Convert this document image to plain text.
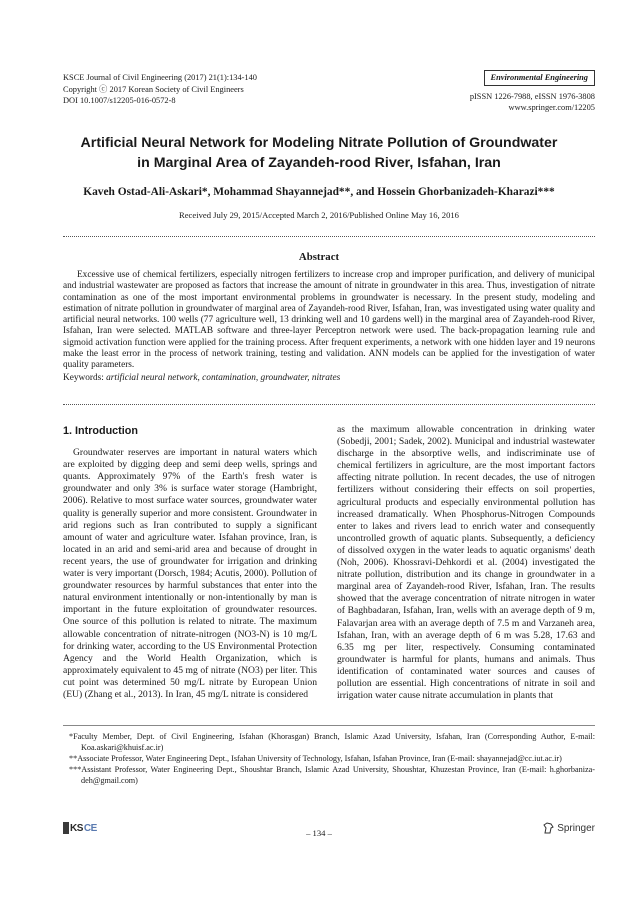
KSCE Journal of Civil Engineering (2017) 21(1):134-140
Copyright ⓒ 2017 Korean Society of Civil Engineers
DOI 10.1007/s12205-016-0572-8
Environmental Engineering
pISSN 1226-7988, eISSN 1976-3808
www.springer.com/12205
Artificial Neural Network for Modeling Nitrate Pollution of Groundwater
in Marginal Area of Zayandeh-rood River, Isfahan, Iran
Kaveh Ostad-Ali-Askari*, Mohammad Shayannejad**, and Hossein Ghorbanizadeh-Kharazi***
Received July 29, 2015/Accepted March 2, 2016/Published Online May 16, 2016
Abstract

Excessive use of chemical fertilizers, especially nitrogen fertilizers to increase crop and improper purification, and delivery of municipal and industrial wastewater are proposed as factors that increase the amount of nitrate in groundwater in this area. Thus, investigation of nitrate contamination as one of the most important environmental problems in groundwater is necessary. In the present study, modeling and estimation of nitrate pollution in groundwater of marginal area of Zayandeh-rood River, Isfahan, Iran, was investigated using water quality and artificial neural networks. 100 wells (77 agriculture well, 13 drinking well and 10 gardens well) in the marginal area of Zayandeh-rood River, Isfahan, Iran were selected. MATLAB software and three-layer Perceptron network were used. The back-propagation learning rule and sigmoid activation function were applied for the training process. After frequent experiments, a network with one hidden layer and 19 neurons make the least error in the process of network training, testing and validation. ANN models can be applied for the investigation of water quality parameters.

Keywords: artificial neural network, contamination, groundwater, nitrates
1. Introduction

Groundwater reserves are important in natural waters which are exploited by digging deep and semi deep wells, springs and quants. Approximately 97% of the Earth's fresh water is groundwater and only 3% is surface water storage (Hambright, 2006). Relative to most surface water sources, groundwater water quality is generally superior and more consistent. Groundwater in arid regions such as Iran contributed to supply a significant amount of water and agriculture water. Isfahan province, Iran, is located in an arid and semi-arid area and because of drought in recent years, the use of groundwater for irrigation and drinking water is very important (Dorsch, 1984; Acutis, 2000). Pollution of groundwater resources by harmful substances that enter into the natural environment intentionally or non-intentionally by man is important in the future exploitation of groundwater resources. One source of this pollution is related to nitrate. The maximum allowable concentration of nitrate-nitrogen (NO3-N) is 10 mg/L for drinking water, according to the US Environmental Protection Agency and the World Health Organization, which is approximately equivalent to 45 mg of nitrate (NO3) per liter. This cut point was determined 50 mg/L nitrate by European Union (EU) (Zhang et al., 2013). In Iran, 45 mg/L nitrate is considered

as the maximum allowable concentration in drinking water (Sobedji, 2001; Sadek, 2002). Municipal and industrial wastewater discharge in the absorptive wells, and indiscriminate use of chemical fertilizers in agriculture, are the most important factors affecting nitrate pollution. In recent decades, the use of nitrogen fertilizers without considering their effects on soil properties, agricultural products and especially environmental pollution has increased dramatically. When Phosphorus-Nitrogen Compounds enter to lakes and rivers lead to enrich water and consequently uncontrolled growth of aquatic plants. Subsequently, a deficiency of dissolved oxygen in the water leads to aquatic organisms' death (Noh, 2006). Khossravi-Dehkordi et al. (2004) investigated the nitrate pollution, distribution and its change in groundwater in a marginal area of Zayandeh-rood River, Isfahan, Iran. The results showed that the average concentration of nitrate nitrogen in water of Baghbadaran, Isfahan, Iran, wells with an average depth of 9 m, Falavarjan area with an average depth of 7.5 m and Varzaneh area, Isfahan, Iran, with an average depth of 6 m was 5.28, 17.63 and 6.35 mg per liter, respectively. Consuming contaminated groundwater is harmful for plants, humans and animals. Thus identification of contaminated water sources and causes of pollution are essential. High concentrations of nitrate in soil and irrigation water cause nitrate accumulation in plants that

*Faculty Member, Dept. of Civil Engineering, Isfahan (Khorasgan) Branch, Islamic Azad University, Isfahan, Iran (Corresponding Author, E-mail: Koa.askari@khuisf.ac.ir)
**Associate Professor, Water Engineering Dept., Isfahan University of Technology, Isfahan, Isfahan Province, Iran (E-mail: shayannejad@cc.iut.ac.ir)
***Assistant Professor, Water Engineering Dept., Shoushtar Branch, Islamic Azad University, Shoushtar, Khuzestan Province, Iran (E-mail: h.ghorbaniza-deh@gmail.com)
KS CE	– 134 –	Springer
